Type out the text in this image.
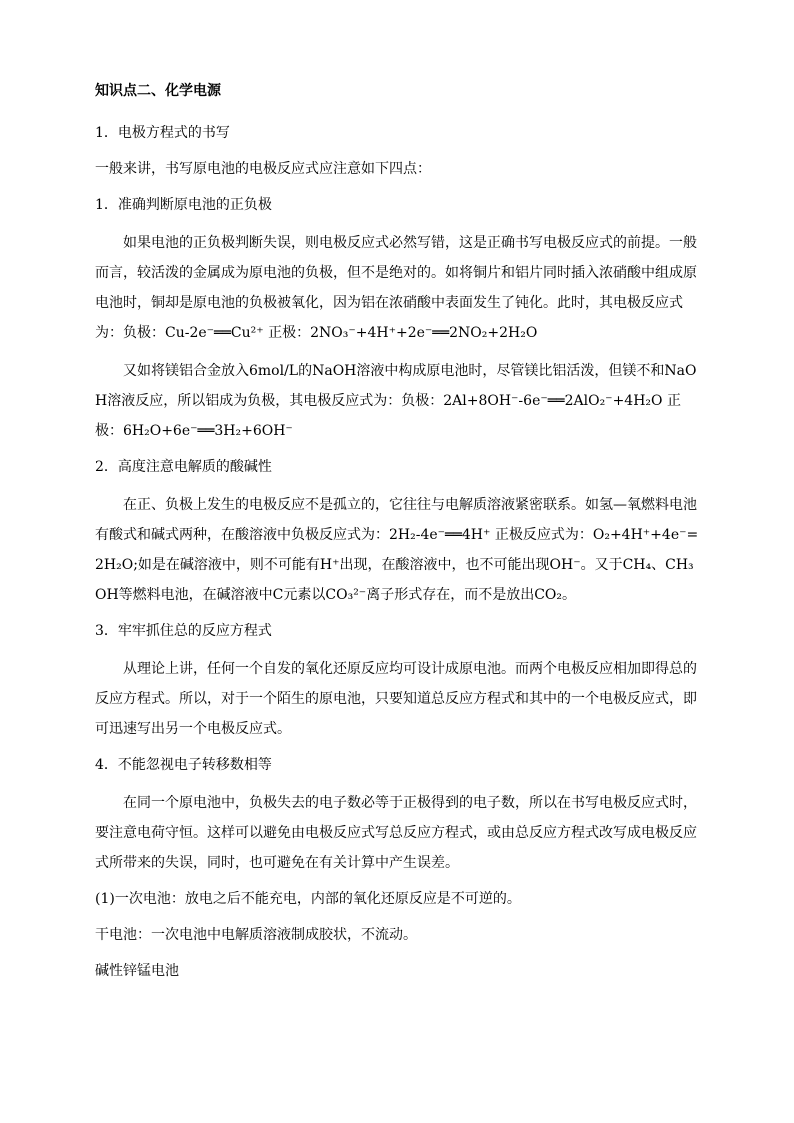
知识点二、化学电源

1．电极方程式的书写

一般来讲，书写原电池的电极反应式应注意如下四点：

1．准确判断原电池的正负极

如果电池的正负极判断失误，则电极反应式必然写错，这是正确书写电极反应式的前提。一般而言，较活泼的金属成为原电池的负极，但不是绝对的。如将铜片和铝片同时插入浓硝酸中组成原电池时，铜却是原电池的负极被氧化，因为铝在浓硝酸中表面发生了钝化。此时，其电极反应式为：负极：Cu-2e⁻══Cu²⁺ 正极：2NO₃⁻+4H⁺+2e⁻══2NO₂+2H₂O

又如将镁铝合金放入6mol/L的NaOH溶液中构成原电池时，尽管镁比铝活泼，但镁不和NaOH溶液反应，所以铝成为负极，其电极反应式为：负极：2Al+8OH⁻-6e⁻══2AlO₂⁻+4H₂O 正极：6H₂O+6e⁻══3H₂+6OH⁻

2．高度注意电解质的酸碱性

在正、负极上发生的电极反应不是孤立的，它往往与电解质溶液紧密联系。如氢—氧燃料电池有酸式和碱式两种，在酸溶液中负极反应式为：2H₂-4e⁻══4H⁺ 正极反应式为：O₂+4H⁺+4e⁻=2H₂O;如是在碱溶液中，则不可能有H⁺出现，在酸溶液中，也不可能出现OH⁻。又于CH₄、CH₃OH等燃料电池，在碱溶液中C元素以CO₃²⁻离子形式存在，而不是放出CO₂。

3．牢牢抓住总的反应方程式

从理论上讲，任何一个自发的氧化还原反应均可设计成原电池。而两个电极反应相加即得总的反应方程式。所以，对于一个陌生的原电池，只要知道总反应方程式和其中的一个电极反应式，即可迅速写出另一个电极反应式。

4．不能忽视电子转移数相等

在同一个原电池中，负极失去的电子数必等于正极得到的电子数，所以在书写电极反应式时，要注意电荷守恒。这样可以避免由电极反应式写总反应方程式，或由总反应方程式改写成电极反应式所带来的失误，同时，也可避免在有关计算中产生误差。

(1)一次电池：放电之后不能充电，内部的氧化还原反应是不可逆的。

干电池：一次电池中电解质溶液制成胶状，不流动。

碱性锌锰电池
